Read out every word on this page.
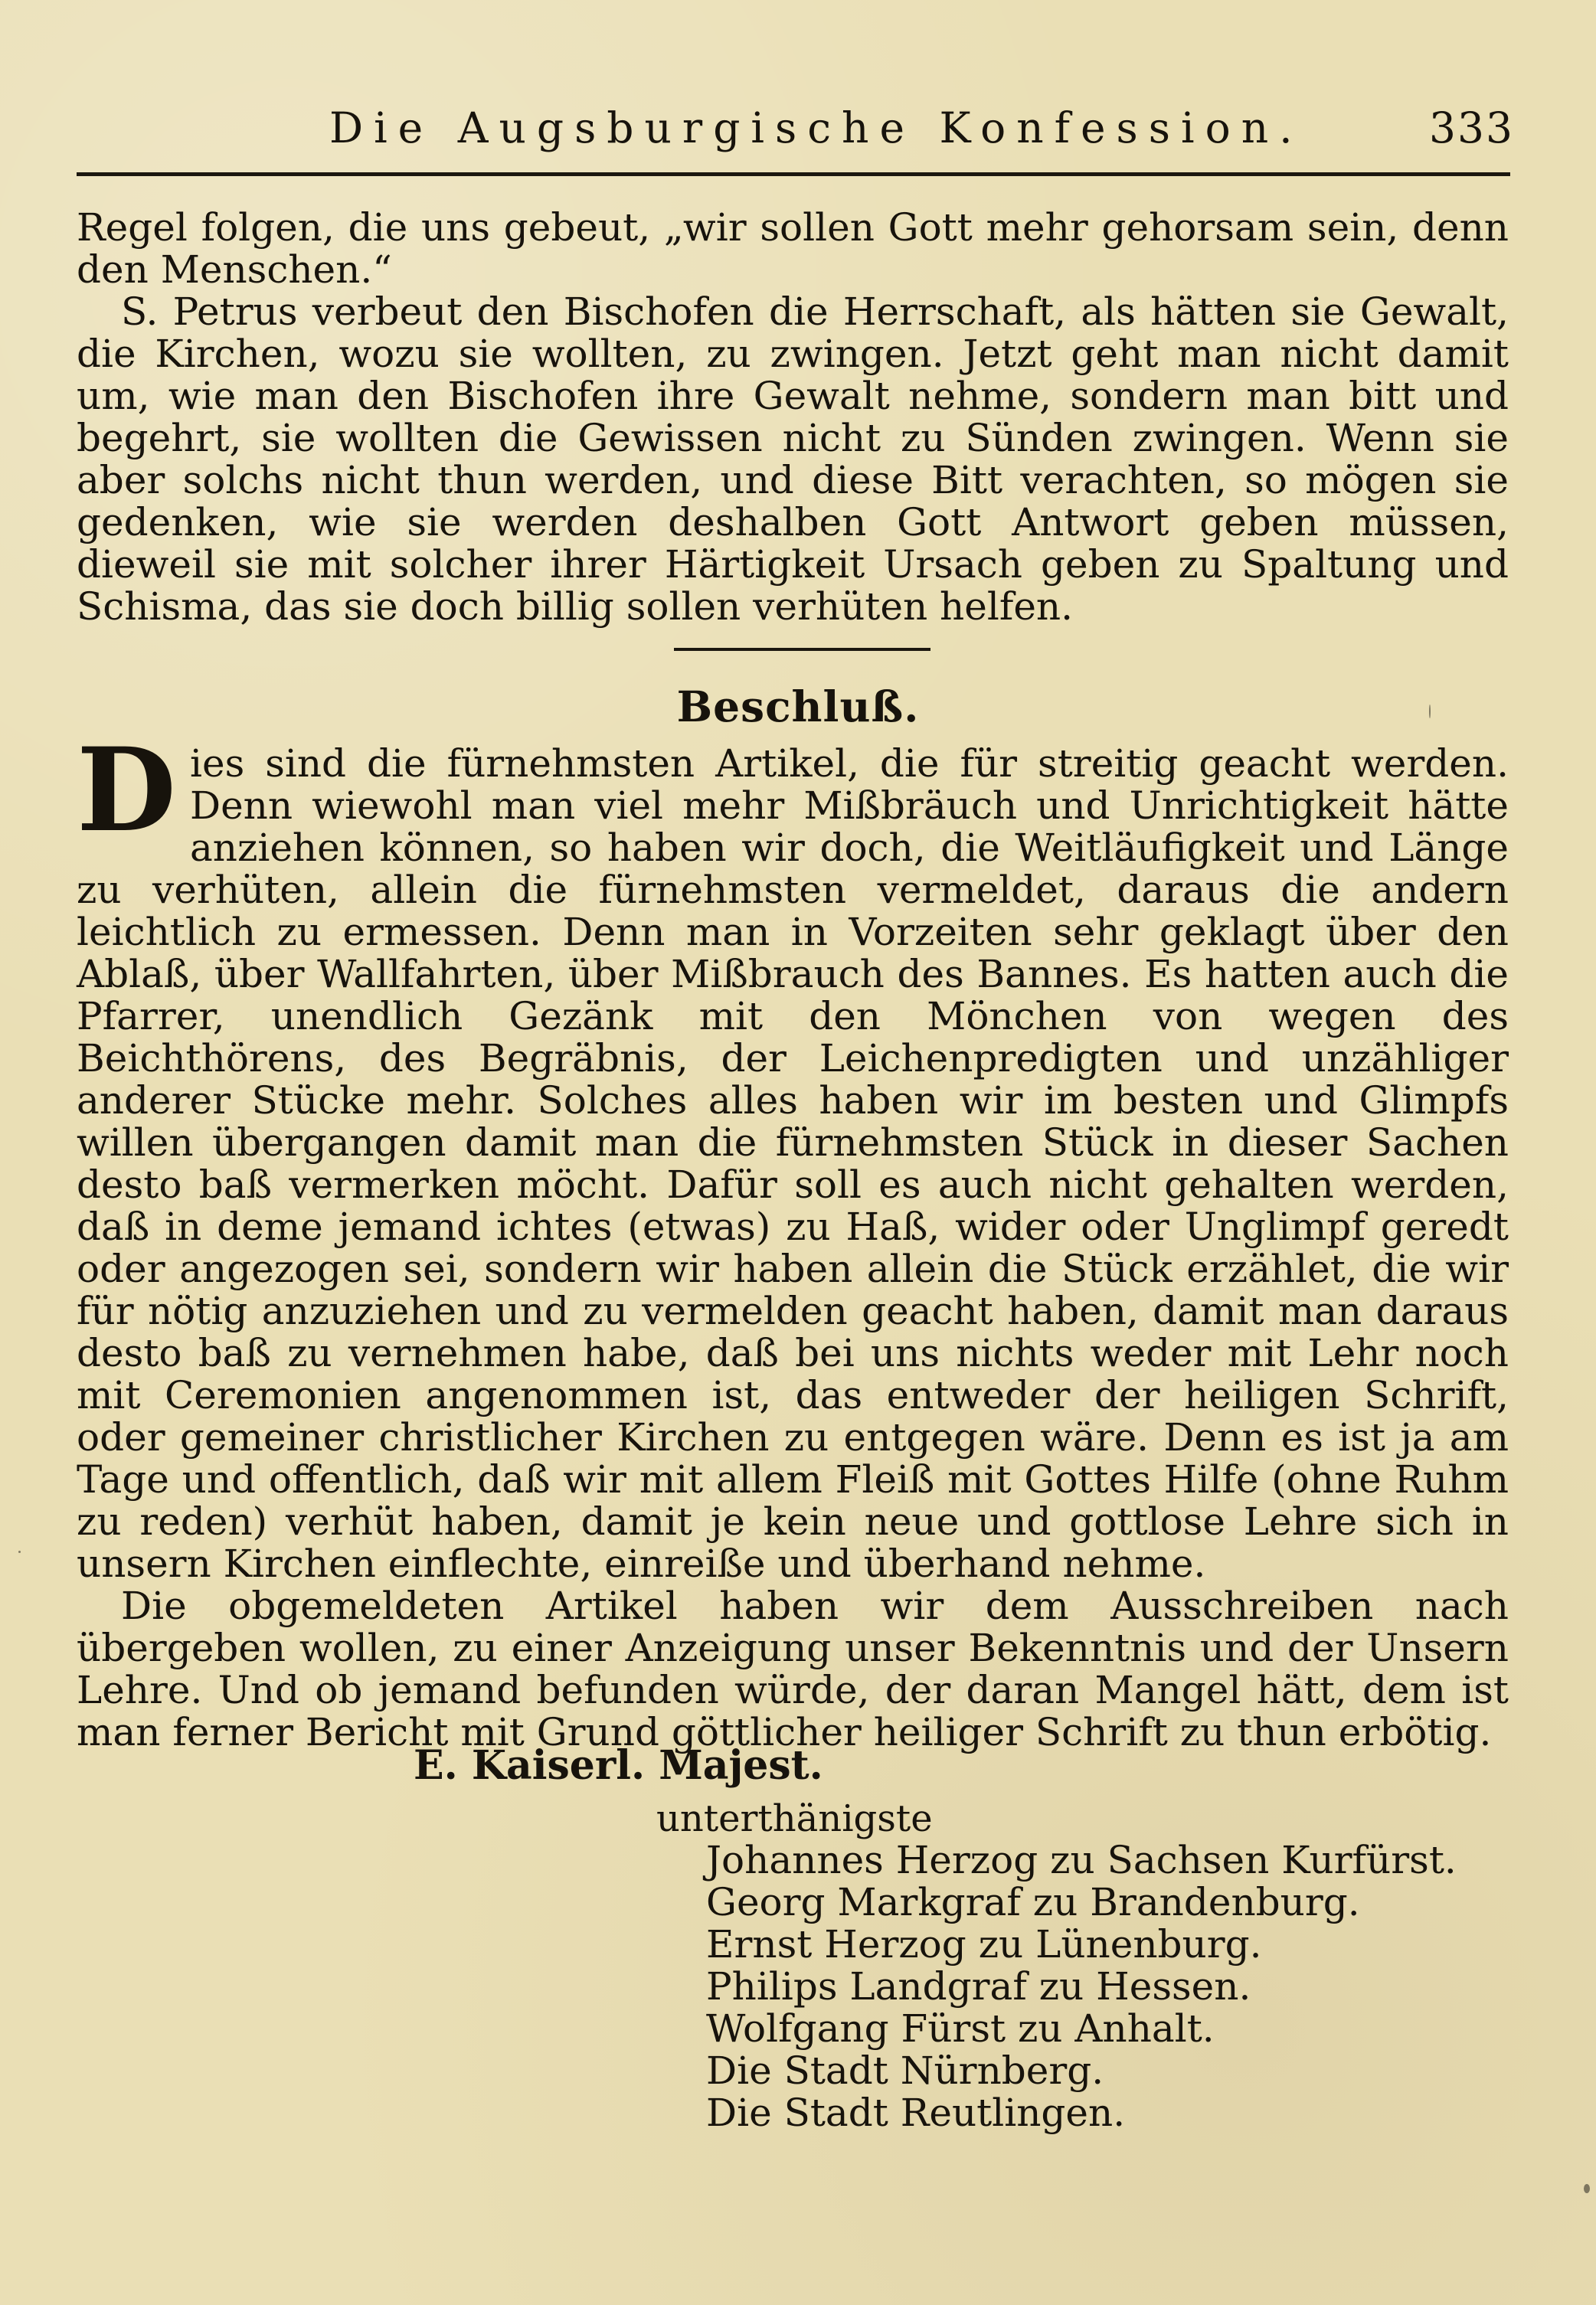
Die Augsburgische Konfession.	333

Regel folgen, die uns gebeut, „wir sollen Gott mehr gehorsam sein, denn den Menschen.“

S. Petrus verbeut den Bischofen die Herrschaft, als hätten sie Gewalt, die Kirchen, wozu sie wollten, zu zwingen. Jetzt geht man nicht damit um, wie man den Bischofen ihre Gewalt nehme, sondern man bitt und begehrt, sie wollten die Gewissen nicht zu Sünden zwingen. Wenn sie aber solchs nicht thun werden, und diese Bitt verachten, so mögen sie gedenken, wie sie werden deshalben Gott Antwort geben müssen, dieweil sie mit solcher ihrer Härtigkeit Ursach geben zu Spaltung und Schisma, das sie doch billig sollen verhüten helfen.

Beschluß.

D ies sind die fürnehmsten Artikel, die für streitig geacht werden. Denn wiewohl man viel mehr Mißbräuch und Unrichtigkeit hätte anziehen können, so haben wir doch, die Weitläufigkeit und Länge zu verhüten, allein die fürnehmsten vermeldet, daraus die andern leichtlich zu ermessen. Denn man in Vorzeiten sehr geklagt über den Ablaß, über Wallfahrten, über Mißbrauch des Bannes. Es hatten auch die Pfarrer, unendlich Gezänk mit den Mönchen von wegen des Beichthörens, des Begräbnis, der Leichenpredigten und unzähliger anderer Stücke mehr. Solches alles haben wir im besten und Glimpfs willen übergangen damit man die fürnehmsten Stück in dieser Sachen desto baß vermerken möcht. Dafür soll es auch nicht gehalten werden, daß in deme jemand ichtes (etwas) zu Haß, wider oder Unglimpf geredt oder angezogen sei, sondern wir haben allein die Stück erzählet, die wir für nötig anzuziehen und zu vermelden geacht haben, damit man daraus desto baß zu vernehmen habe, daß bei uns nichts weder mit Lehr noch mit Ceremonien angenommen ist, das entweder der heiligen Schrift, oder gemeiner christlicher Kirchen zu entgegen wäre. Denn es ist ja am Tage und offentlich, daß wir mit allem Fleiß mit Gottes Hilfe (ohne Ruhm zu reden) verhüt haben, damit je kein neue und gottlose Lehre sich in unsern Kirchen einflechte, einreiße und überhand nehme.

Die obgemeldeten Artikel haben wir dem Ausschreiben nach übergeben wollen, zu einer Anzeigung unser Bekenntnis und der Unsern Lehre. Und ob jemand befunden würde, der daran Mangel hätt, dem ist man ferner Bericht mit Grund göttlicher heiliger Schrift zu thun erbötig.

E. Kaiserl. Majest.
unterthänigste
Johannes Herzog zu Sachsen Kurfürst.
Georg Markgraf zu Brandenburg.
Ernst Herzog zu Lünenburg.
Philips Landgraf zu Hessen.
Wolfgang Fürst zu Anhalt.
Die Stadt Nürnberg.
Die Stadt Reutlingen.
